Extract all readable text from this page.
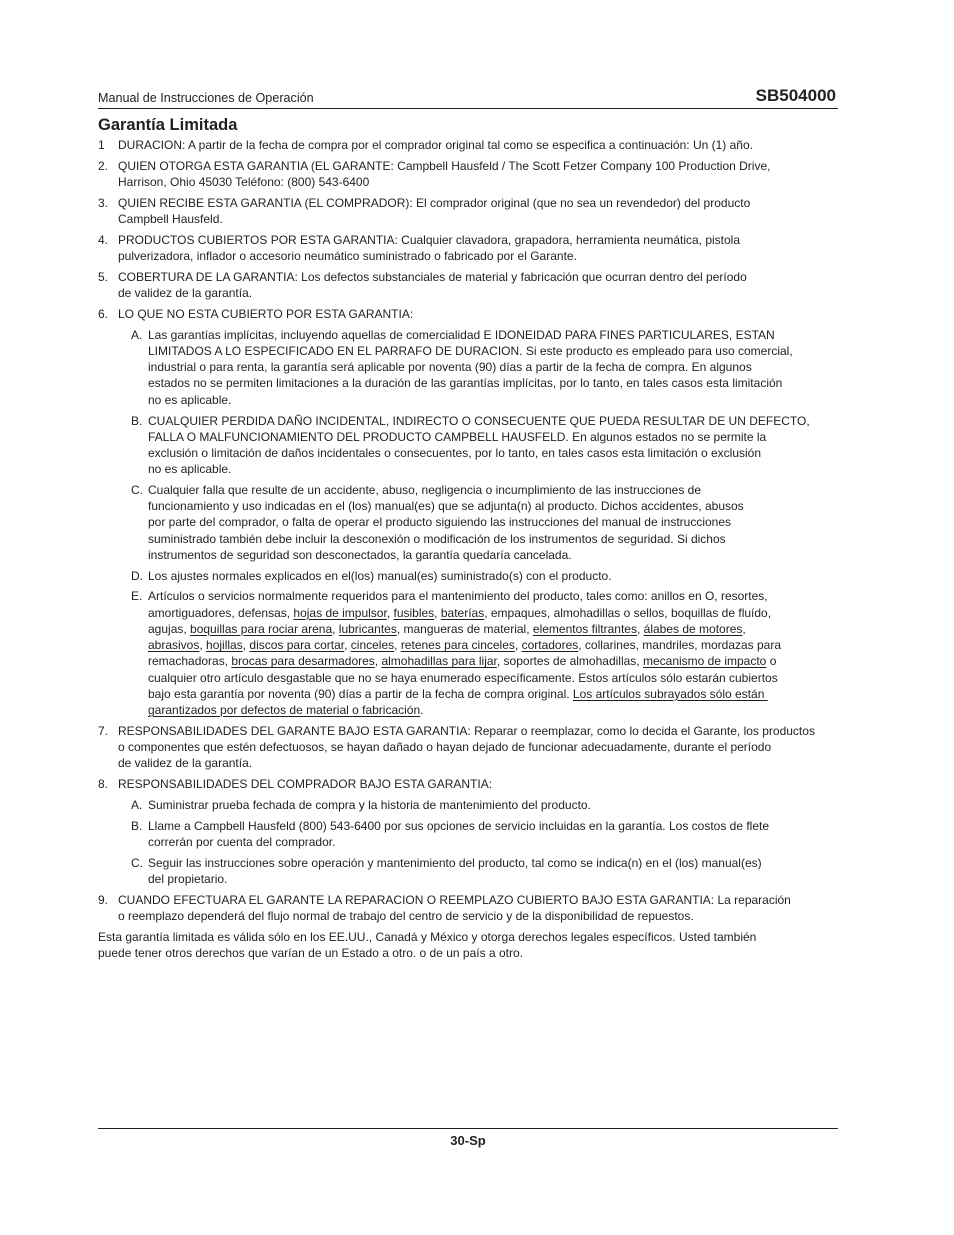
Manual de Instrucciones de Operación	SB504000
Garantía Limitada
1	DURACION: A partir de la fecha de compra por el comprador original tal como se especifica a continuación: Un (1) año.
2. QUIEN OTORGA ESTA GARANTIA (EL GARANTE: Campbell Hausfeld / The Scott Fetzer Company 100 Production Drive,
Harrison, Ohio 45030 Teléfono: (800) 543-6400
3. QUIEN RECIBE ESTA GARANTIA (EL COMPRADOR): El comprador original (que no sea un revendedor) del producto
Campbell Hausfeld.
4. PRODUCTOS CUBIERTOS POR ESTA GARANTIA: Cualquier clavadora, grapadora, herramienta neumática, pistola
pulverizadora, inflador o accesorio neumático suministrado o fabricado por el Garante.
5. COBERTURA DE LA GARANTIA: Los defectos substanciales de material y fabricación que ocurran dentro del período
de validez de la garantía.
6. LO QUE NO ESTA CUBIERTO POR ESTA GARANTIA:
A. Las garantías implícitas, incluyendo aquellas de comercialidad E IDONEIDAD PARA FINES PARTICULARES, ESTAN
LIMITADOS A LO ESPECIFICADO EN EL PARRAFO DE DURACION. Si este producto es empleado para uso comercial,
industrial o para renta, la garantía será aplicable por noventa (90) días a partir de la fecha de compra. En algunos
estados no se permiten limitaciones a la duración de las garantías implícitas, por lo tanto, en tales casos esta limitación
no es aplicable.
B. CUALQUIER PERDIDA DAÑO INCIDENTAL, INDIRECTO O CONSECUENTE QUE PUEDA RESULTAR DE UN DEFECTO,
FALLA O MALFUNCIONAMIENTO DEL PRODUCTO CAMPBELL HAUSFELD. En algunos estados no se permite la
exclusión o limitación de daños incidentales o consecuentes, por lo tanto, en tales casos esta limitación o exclusión
no es aplicable.
C. Cualquier falla que resulte de un accidente, abuso, negligencia o incumplimiento de las instrucciones de
funcionamiento y uso indicadas en el (los) manual(es) que se adjunta(n) al producto. Dichos accidentes, abusos
por parte del comprador, o falta de operar el producto siguiendo las instrucciones del manual de instrucciones
suministrado también debe incluir la desconexión o modificación de los instrumentos de seguridad. Si dichos
instrumentos de seguridad son desconectados, la garantía quedaría cancelada.
D. Los ajustes normales explicados en el(los) manual(es) suministrado(s) con el producto.
E. Artículos o servicios normalmente requeridos para el mantenimiento del producto, tales como: anillos en O, resortes,
amortiguadores, defensas, hojas de impulsor, fusibles, baterías, empaques, almohadillas o sellos, boquillas de fluído,
agujas, boquillas para rociar arena, lubricantes, mangueras de material, elementos filtrantes, álabes de motores,
abrasivos, hojillas, discos para cortar, cinceles, retenes para cinceles, cortadores, collarines, mandriles, mordazas para
remachadoras, brocas para desarmadores, almohadillas para lijar, soportes de almohadillas, mecanismo de impacto o
cualquier otro artículo desgastable que no se haya enumerado específicamente. Estos artículos sólo estarán cubiertos
bajo esta garantía por noventa (90) días a partir de la fecha de compra original. Los artículos subrayados sólo están
garantizados por defectos de material o fabricación.
7. RESPONSABILIDADES DEL GARANTE BAJO ESTA GARANTIA: Reparar o reemplazar, como lo decida el Garante, los productos
o componentes que estén defectuosos, se hayan dañado o hayan dejado de funcionar adecuadamente, durante el período
de validez de la garantía.
8. RESPONSABILIDADES DEL COMPRADOR BAJO ESTA GARANTIA:
A. Suministrar prueba fechada de compra y la historia de mantenimiento del producto.
B. Llame a Campbell Hausfeld (800) 543-6400 por sus opciones de servicio incluidas en la garantía. Los costos de flete
correrán por cuenta del comprador.
C. Seguir las instrucciones sobre operación y mantenimiento del producto, tal como se indica(n) en el (los) manual(es)
del propietario.
9. CUANDO EFECTUARA EL GARANTE LA REPARACION O REEMPLAZO CUBIERTO BAJO ESTA GARANTIA: La reparación
o reemplazo dependerá del flujo normal de trabajo del centro de servicio y de la disponibilidad de repuestos.
Esta garantía limitada es válida sólo en los EE.UU., Canadá y México y otorga derechos legales específicos. Usted también
puede tener otros derechos que varían de un Estado a otro. o de un país a otro.
30-Sp
